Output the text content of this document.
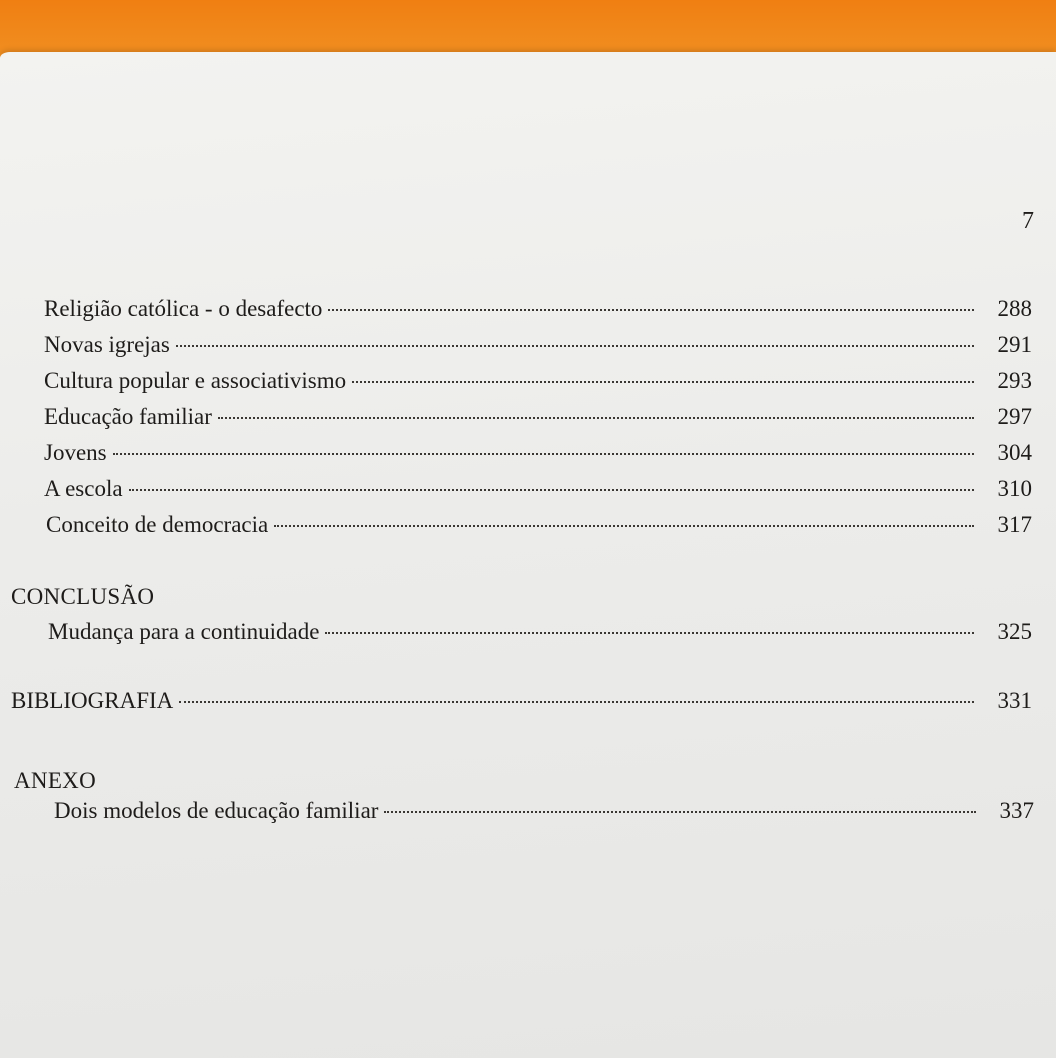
7
Religião católica - o desafecto	288
Novas igrejas	291
Cultura popular e associativismo	293
Educação familiar	297
Jovens	304
A escola	310
Conceito de democracia	317
CONCLUSÃO
Mudança para a continuidade	325
BIBLIOGRAFIA	331
ANEXO
Dois modelos de educação familiar	337
